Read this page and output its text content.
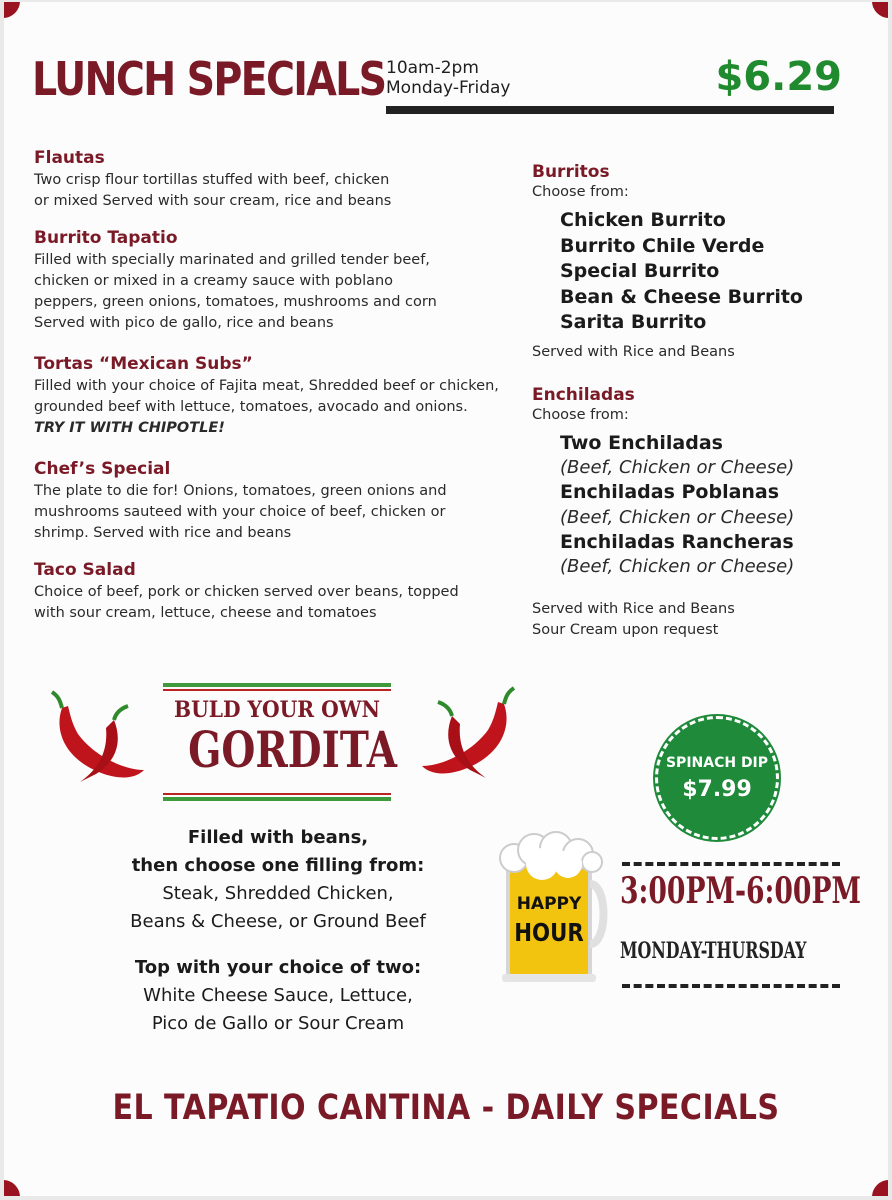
LUNCH SPECIALS 10am-2pm
Monday-Friday	$6.29
Flautas
Two crisp flour tortillas stuffed with beef, chicken or mixed Served with sour cream, rice and beans
Burrito Tapatio
Filled with specially marinated and grilled tender beef, chicken or mixed in a creamy sauce with poblano peppers, green onions, tomatoes, mushrooms and corn Served with pico de gallo, rice and beans
Tortas “Mexican Subs”
Filled with your choice of Fajita meat, Shredded beef or chicken, grounded beef with lettuce, tomatoes, avocado and onions.
TRY IT WITH CHIPOTLE!
Chef’s Special
The plate to die for! Onions, tomatoes, green onions and mushrooms sauteed with your choice of beef, chicken or shrimp. Served with rice and beans
Taco Salad
Choice of beef, pork or chicken served over beans, topped with sour cream, lettuce, cheese and tomatoes
Burritos
Choose from:
Chicken Burrito
Burrito Chile Verde
Special Burrito
Bean & Cheese Burrito
Sarita Burrito
Served with Rice and Beans
Enchiladas
Choose from:
Two Enchiladas
(Beef, Chicken or Cheese)
Enchiladas Poblanas
(Beef, Chicken or Cheese)
Enchiladas Rancheras
(Beef, Chicken or Cheese)
Served with Rice and Beans
Sour Cream upon request
BULD YOUR OWN
GORDITA
Filled with beans,
then choose one filling from:
Steak, Shredded Chicken,
Beans & Cheese, or Ground Beef
Top with your choice of two:
White Cheese Sauce, Lettuce,
Pico de Gallo or Sour Cream
SPINACH DIP
$7.99
HAPPY
HOUR
3:00PM-6:00PM
MONDAY-THURSDAY
EL TAPATIO CANTINA - DAILY SPECIALS
